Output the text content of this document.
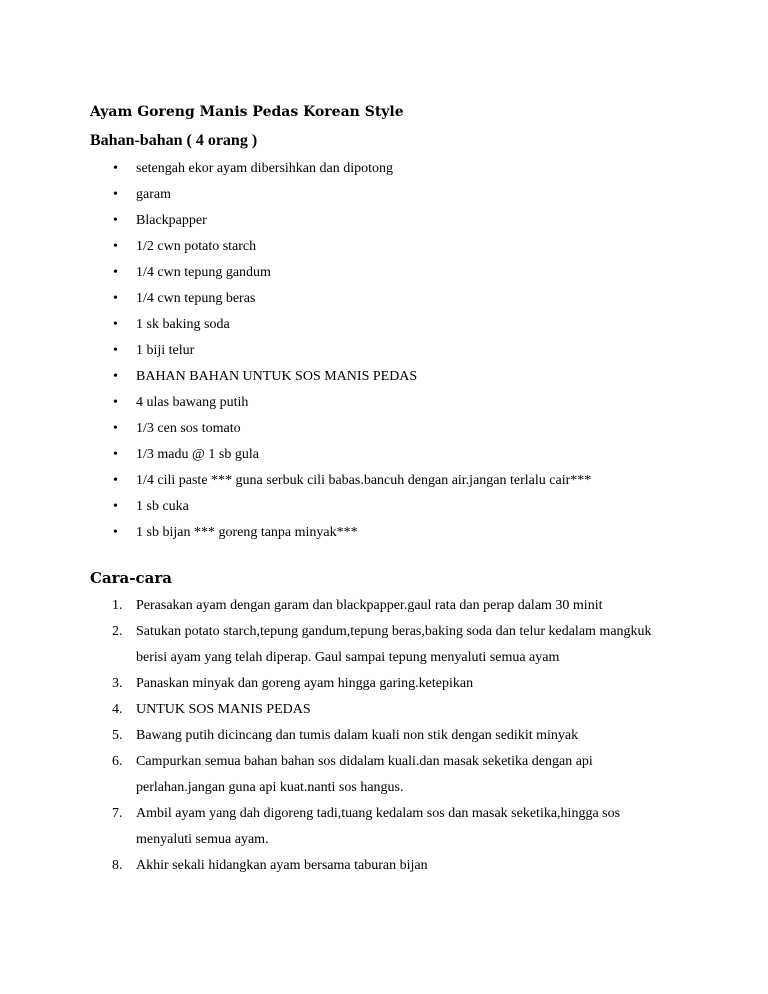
Ayam Goreng Manis Pedas Korean Style
Bahan-bahan ( 4 orang )
• setengah ekor ayam dibersihkan dan dipotong
• garam
• Blackpapper
• 1/2 cwn potato starch
• 1/4 cwn tepung gandum
• 1/4 cwn tepung beras
• 1 sk baking soda
• 1 biji telur
• BAHAN BAHAN UNTUK SOS MANIS PEDAS
• 4 ulas bawang putih
• 1/3 cen sos tomato
• 1/3 madu @ 1 sb gula
• 1/4 cili paste *** guna serbuk cili babas.bancuh dengan air.jangan terlalu cair***
• 1 sb cuka
• 1 sb bijan *** goreng tanpa minyak***
Cara-cara
1. Perasakan ayam dengan garam dan blackpapper.gaul rata dan perap dalam 30 minit
2. Satukan potato starch,tepung gandum,tepung beras,baking soda dan telur kedalam mangkuk berisi ayam yang telah diperap. Gaul sampai tepung menyaluti semua ayam
3. Panaskan minyak dan goreng ayam hingga garing.ketepikan
4. UNTUK SOS MANIS PEDAS
5. Bawang putih dicincang dan tumis dalam kuali non stik dengan sedikit minyak
6. Campurkan semua bahan bahan sos didalam kuali.dan masak seketika dengan api perlahan.jangan guna api kuat.nanti sos hangus.
7. Ambil ayam yang dah digoreng tadi,tuang kedalam sos dan masak seketika,hingga sos menyaluti semua ayam.
8. Akhir sekali hidangkan ayam bersama taburan bijan
